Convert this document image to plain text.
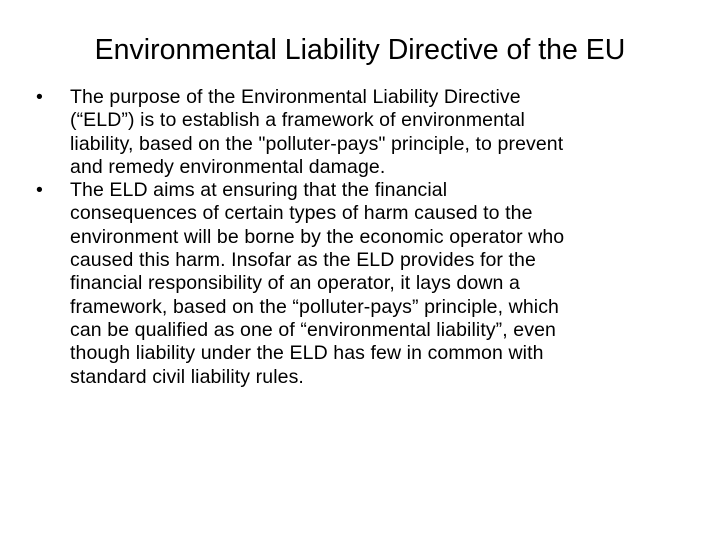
Environmental Liability Directive of the EU
•	The purpose of the Environmental Liability Directive
(“ELD”) is to establish a framework of environmental
liability, based on the "polluter-pays" principle, to prevent
and remedy environmental damage.
•	The ELD aims at ensuring that the financial
consequences of certain types of harm caused to the
environment will be borne by the economic operator who
caused this harm. Insofar as the ELD provides for the
financial responsibility of an operator, it lays down a
framework, based on the “polluter-pays” principle, which
can be qualified as one of “environmental liability”, even
though liability under the ELD has few in common with
standard civil liability rules.
